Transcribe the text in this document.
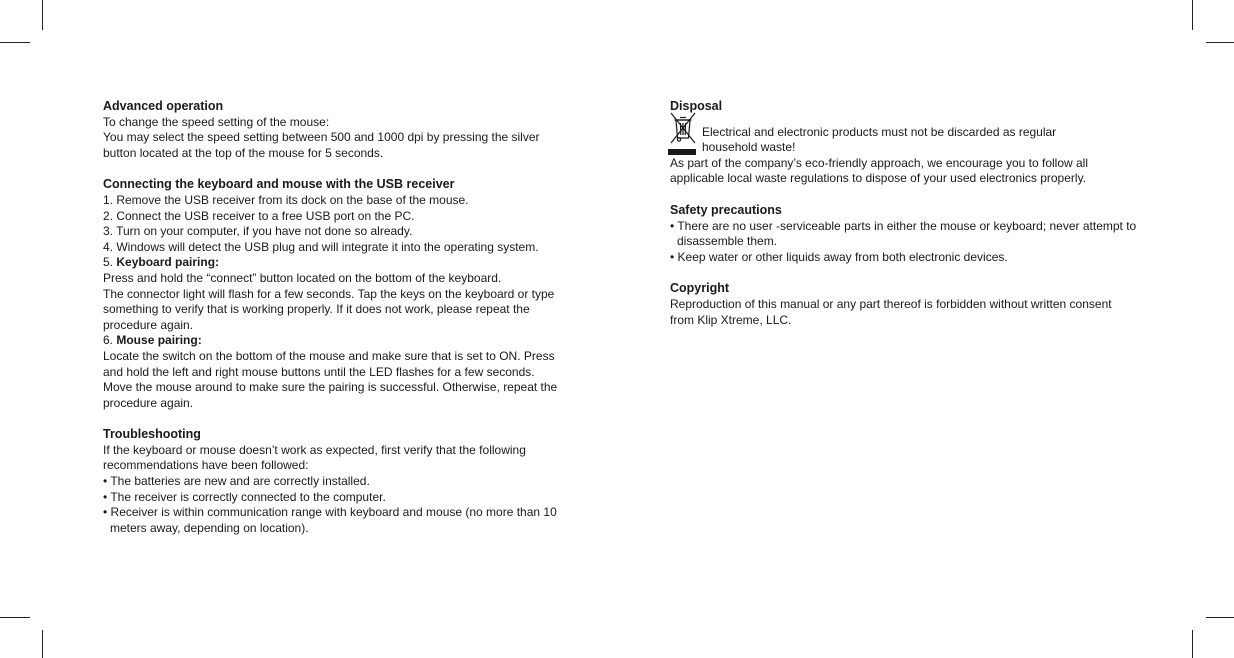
Advanced operation
To change the speed setting of the mouse:
You may select the speed setting between 500 and 1000 dpi by pressing the silver
button located at the top of the mouse for 5 seconds.
Connecting the keyboard and mouse with the USB receiver
1. Remove the USB receiver from its dock on the base of the mouse.
2. Connect the USB receiver to a free USB port on the PC.
3. Turn on your computer, if you have not done so already.
4. Windows will detect the USB plug and will integrate it into the operating system.
5. Keyboard pairing:
Press and hold the “connect” button located on the bottom of the keyboard.
The connector light will flash for a few seconds. Tap the keys on the keyboard or type
something to verify that is working properly. If it does not work, please repeat the
procedure again.
6. Mouse pairing:
Locate the switch on the bottom of the mouse and make sure that is set to ON. Press
and hold the left and right mouse buttons until the LED flashes for a few seconds.
Move the mouse around to make sure the pairing is successful. Otherwise, repeat the
procedure again.
Troubleshooting
If the keyboard or mouse doesn’t work as expected, first verify that the following
recommendations have been followed:
• The batteries are new and are correctly installed.
• The receiver is correctly connected to the computer.
• Receiver is within communication range with keyboard and mouse (no more than 10
meters away, depending on location).
Disposal
Electrical and electronic products must not be discarded as regular
household waste!
As part of the company’s eco-friendly approach, we encourage you to follow all
applicable local waste regulations to dispose of your used electronics properly.
Safety precautions
• There are no user -serviceable parts in either the mouse or keyboard; never attempt to
disassemble them.
• Keep water or other liquids away from both electronic devices.
Copyright
Reproduction of this manual or any part thereof is forbidden without written consent
from Klip Xtreme, LLC.
